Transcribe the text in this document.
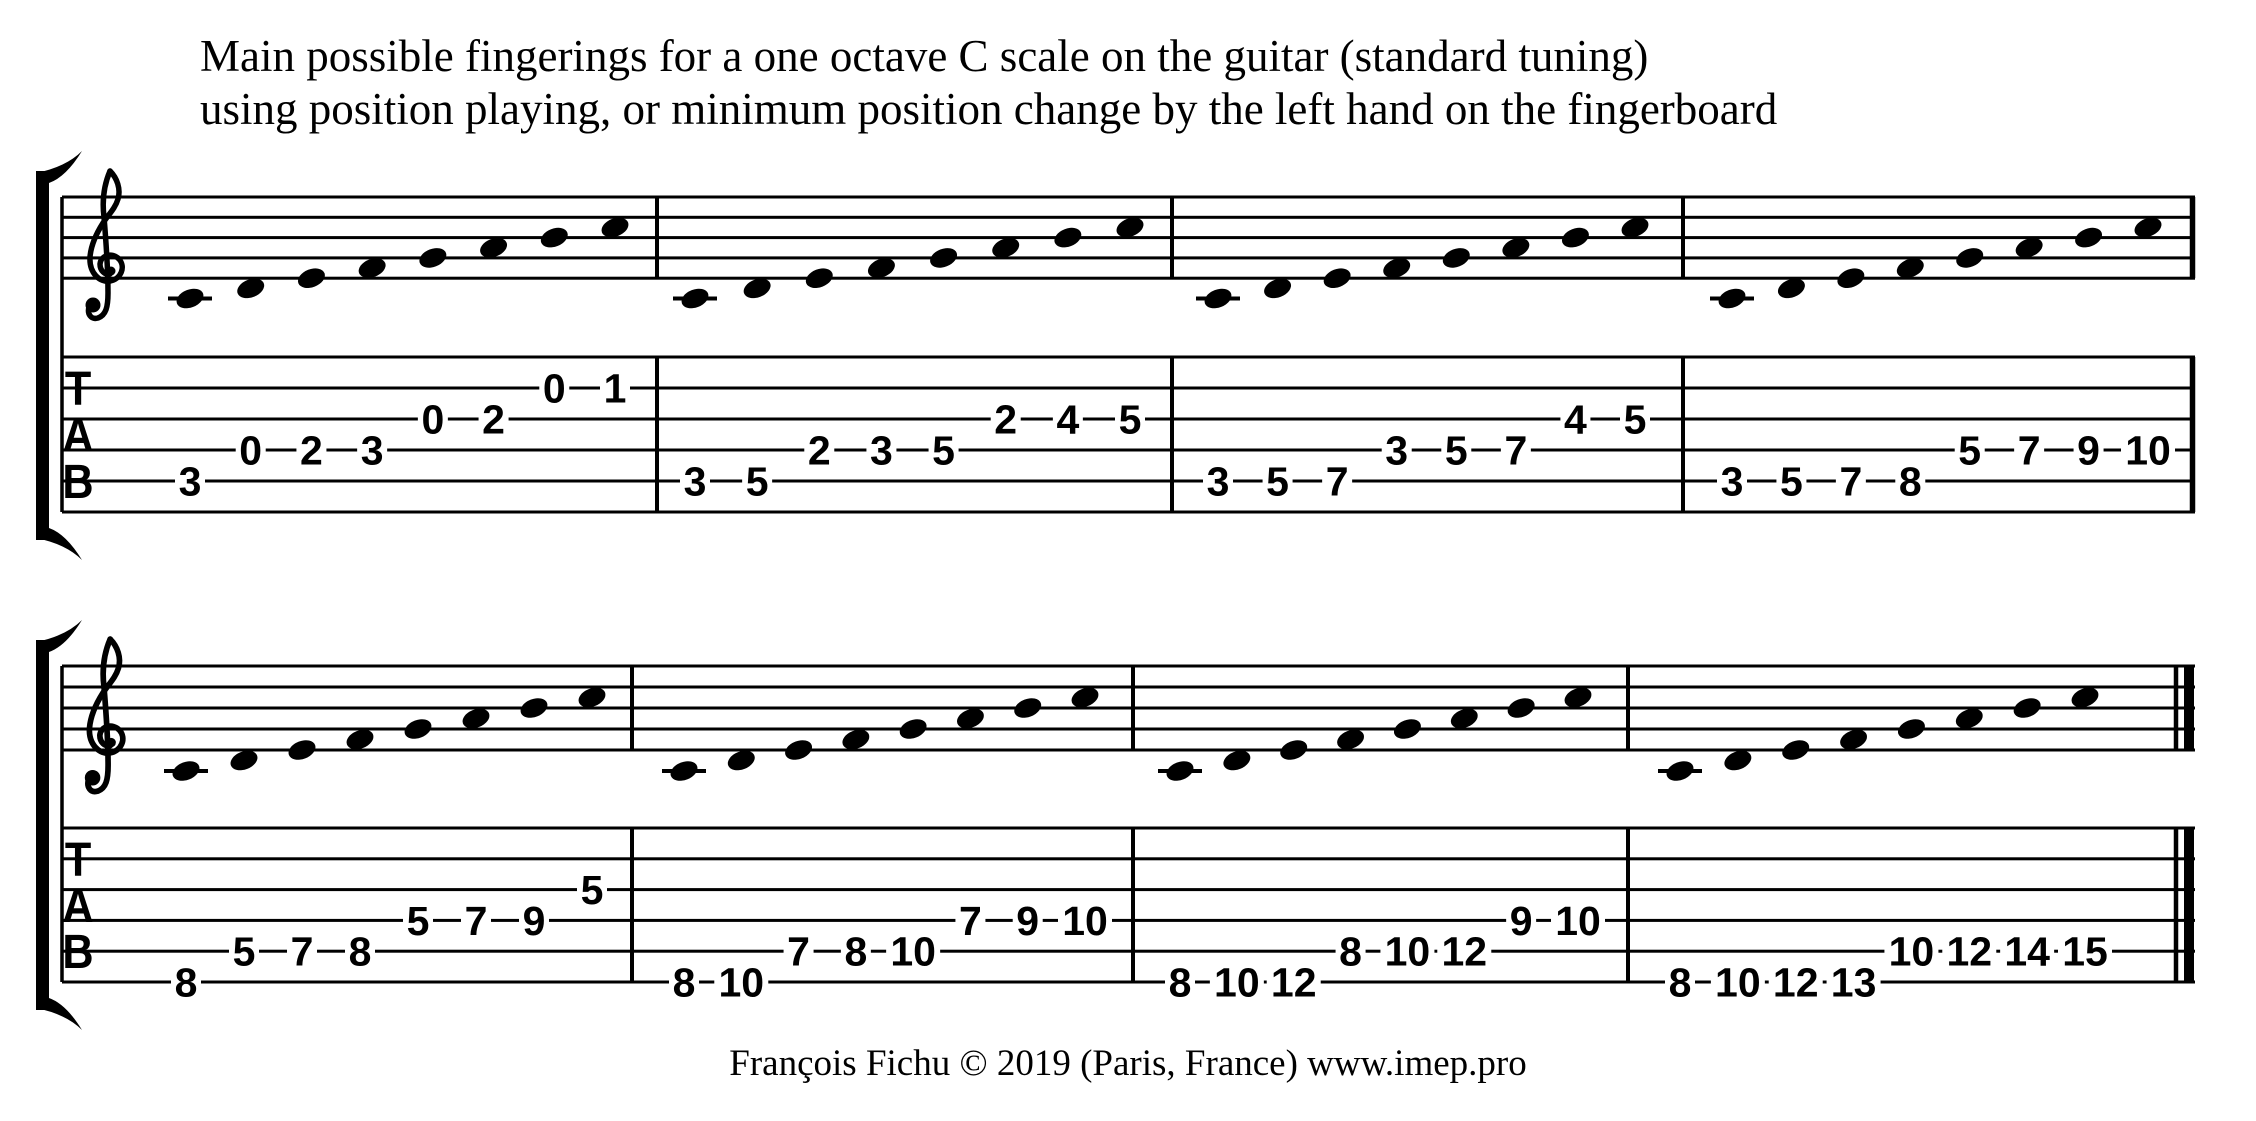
Main possible fingerings for a one octave C scale on the guitar (standard tuning)
using position playing, or minimum position change by the left hand on the fingerboard
T
A
B 3
0 2 3
0 2
0 1
3 5
2 3 5
2 4 5
3 5 7
3 5 7
4 5
3 5 7 8
5 7 9 10
T
A
B
8
5 7 8
5 7 9
5
8 10
7 8 10
7 9 10
8 10 12
8 10 12
9 10
8 10 12 13
10 12 14 15
François Fichu © 2019 (Paris, France) www.imep.pro
